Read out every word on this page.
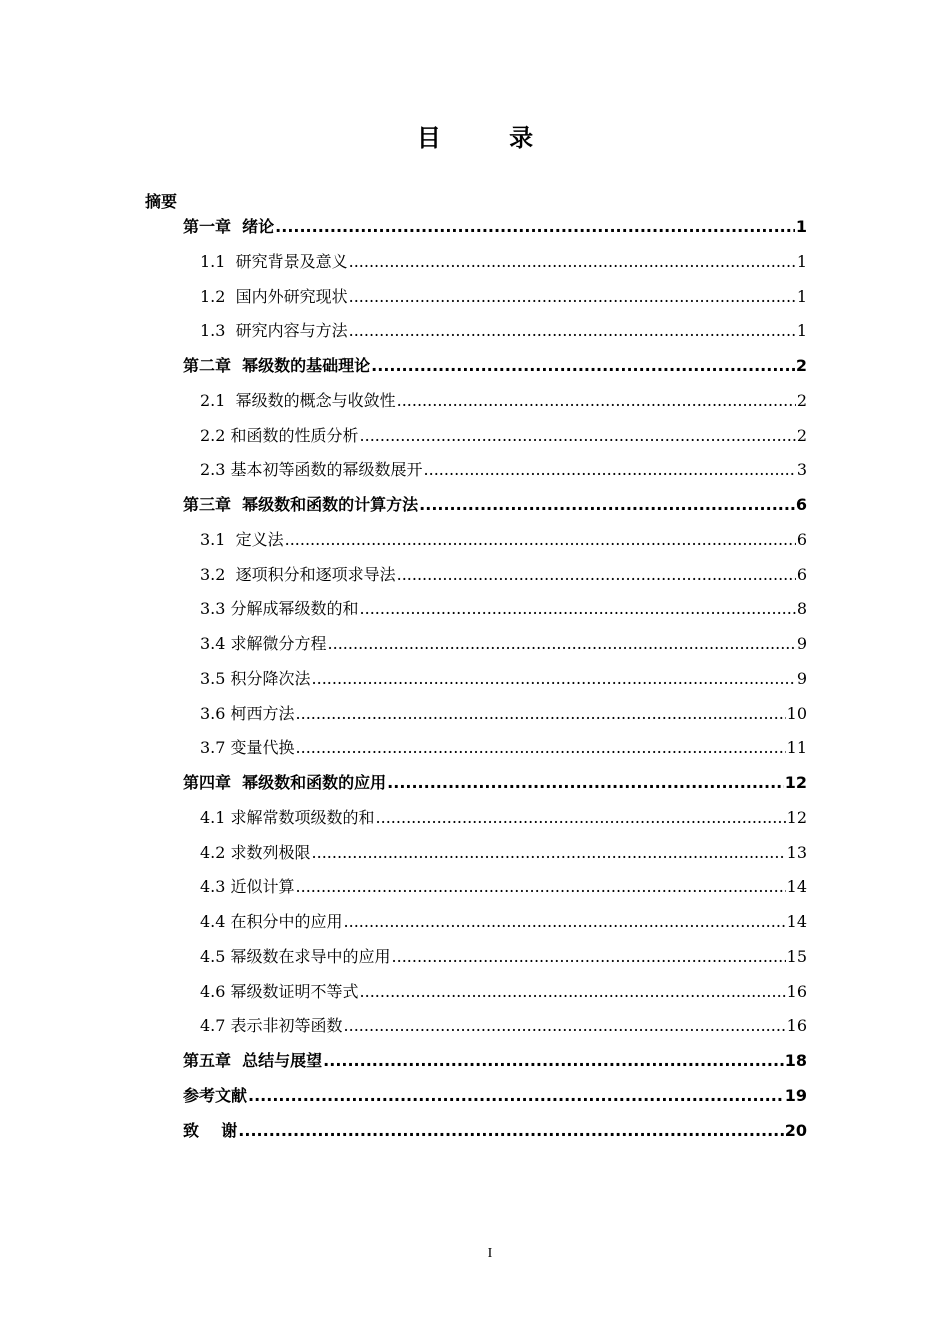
目 录
摘要
第一章  绪论 .....	1
1.1  研究背景及意义 .....	1
1.2  国内外研究现状 .....	1
1.3  研究内容与方法 .....	1
第二章  幂级数的基础理论 .....	2
2.1  幂级数的概念与收敛性 .....	2
2.2 和函数的性质分析 .....	2
2.3 基本初等函数的幂级数展开 .....	3
第三章  幂级数和函数的计算方法 .....	6
3.1  定义法 .....	6
3.2  逐项积分和逐项求导法 .....	6
3.3 分解成幂级数的和 .....	8
3.4 求解微分方程 .....	9
3.5 积分降次法 .....	9
3.6 柯西方法 .....	10
3.7 变量代换 .....	11
第四章  幂级数和函数的应用 .....	12
4.1 求解常数项级数的和 .....	12
4.2 求数列极限 .....	13
4.3 近似计算 .....	14
4.4 在积分中的应用 .....	14
4.5 幂级数在求导中的应用 .....	15
4.6 幂级数证明不等式 .....	16
4.7 表示非初等函数 .....	16
第五章  总结与展望 .....	18
参考文献 .....	19
致    谢 .....	20
I
